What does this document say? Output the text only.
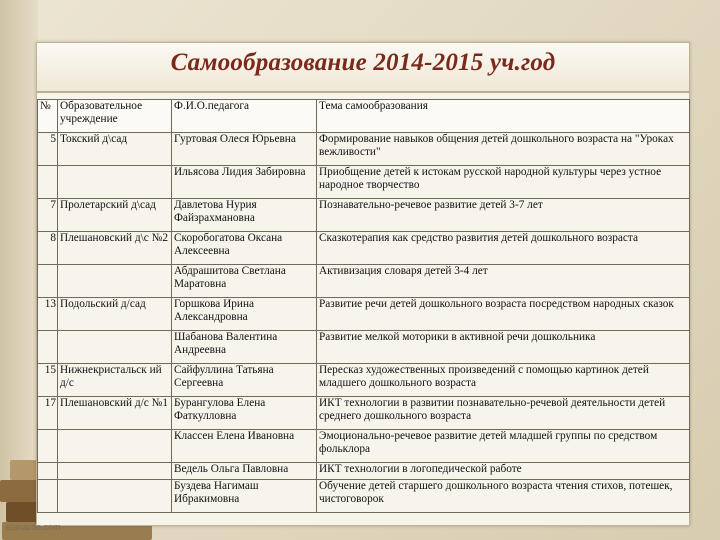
Самообразование 2014-2015 уч.год
№	Образовательное учреждение	Ф.И.О.педагога	Тема самообразования
5	Токский д\сад	Гуртовая Олеся Юрьевна	Формирование навыков общения детей дошкольного возраста на "Уроках вежливости"
		Ильясова Лидия Забировна	Приобщение детей к истокам русской народной культуры через устное народное творчество
7	Пролетарский д\сад	Давлетова Нурия Файзрахмановна	Познавательно-речевое развитие детей 3-7 лет
8	Плешановский д\с №2	Скоробогатова Оксана Алексеевна	Сказкотерапия как средство развития детей дошкольного возраста
		Абдрашитова Светлана Маратовна	Активизация словаря детей 3-4 лет
13	Подольский д/сад	Горшкова Ирина Александровна	Развитие речи детей дошкольного возраста посредством народных сказок
		Шабанова Валентина Андреевна	Развитие мелкой моторики в активной речи дошкольника
15	Нижнекристальск ий д/с	Сайфуллина Татьяна Сергеевна	Пересказ художественных произведений с помощью картинок детей младшего дошкольного возраста
17	Плешановский д/с №1	Бурангулова Елена Фаткулловна	ИКТ технологии в развитии познавательно-речевой деятельности детей среднего дошкольного возраста
		Классен Елена Ивановна	Эмоционально-речевое развитие детей младшей группы по средством фольклора
		Ведель Ольга Павловна	ИКТ технологии в логопедической работе
		Буздева Нагимаш Ибракимовна	Обучение детей старшего дошкольного возраста чтения стихов, потешек, чистоговорок
elanaroo.com
